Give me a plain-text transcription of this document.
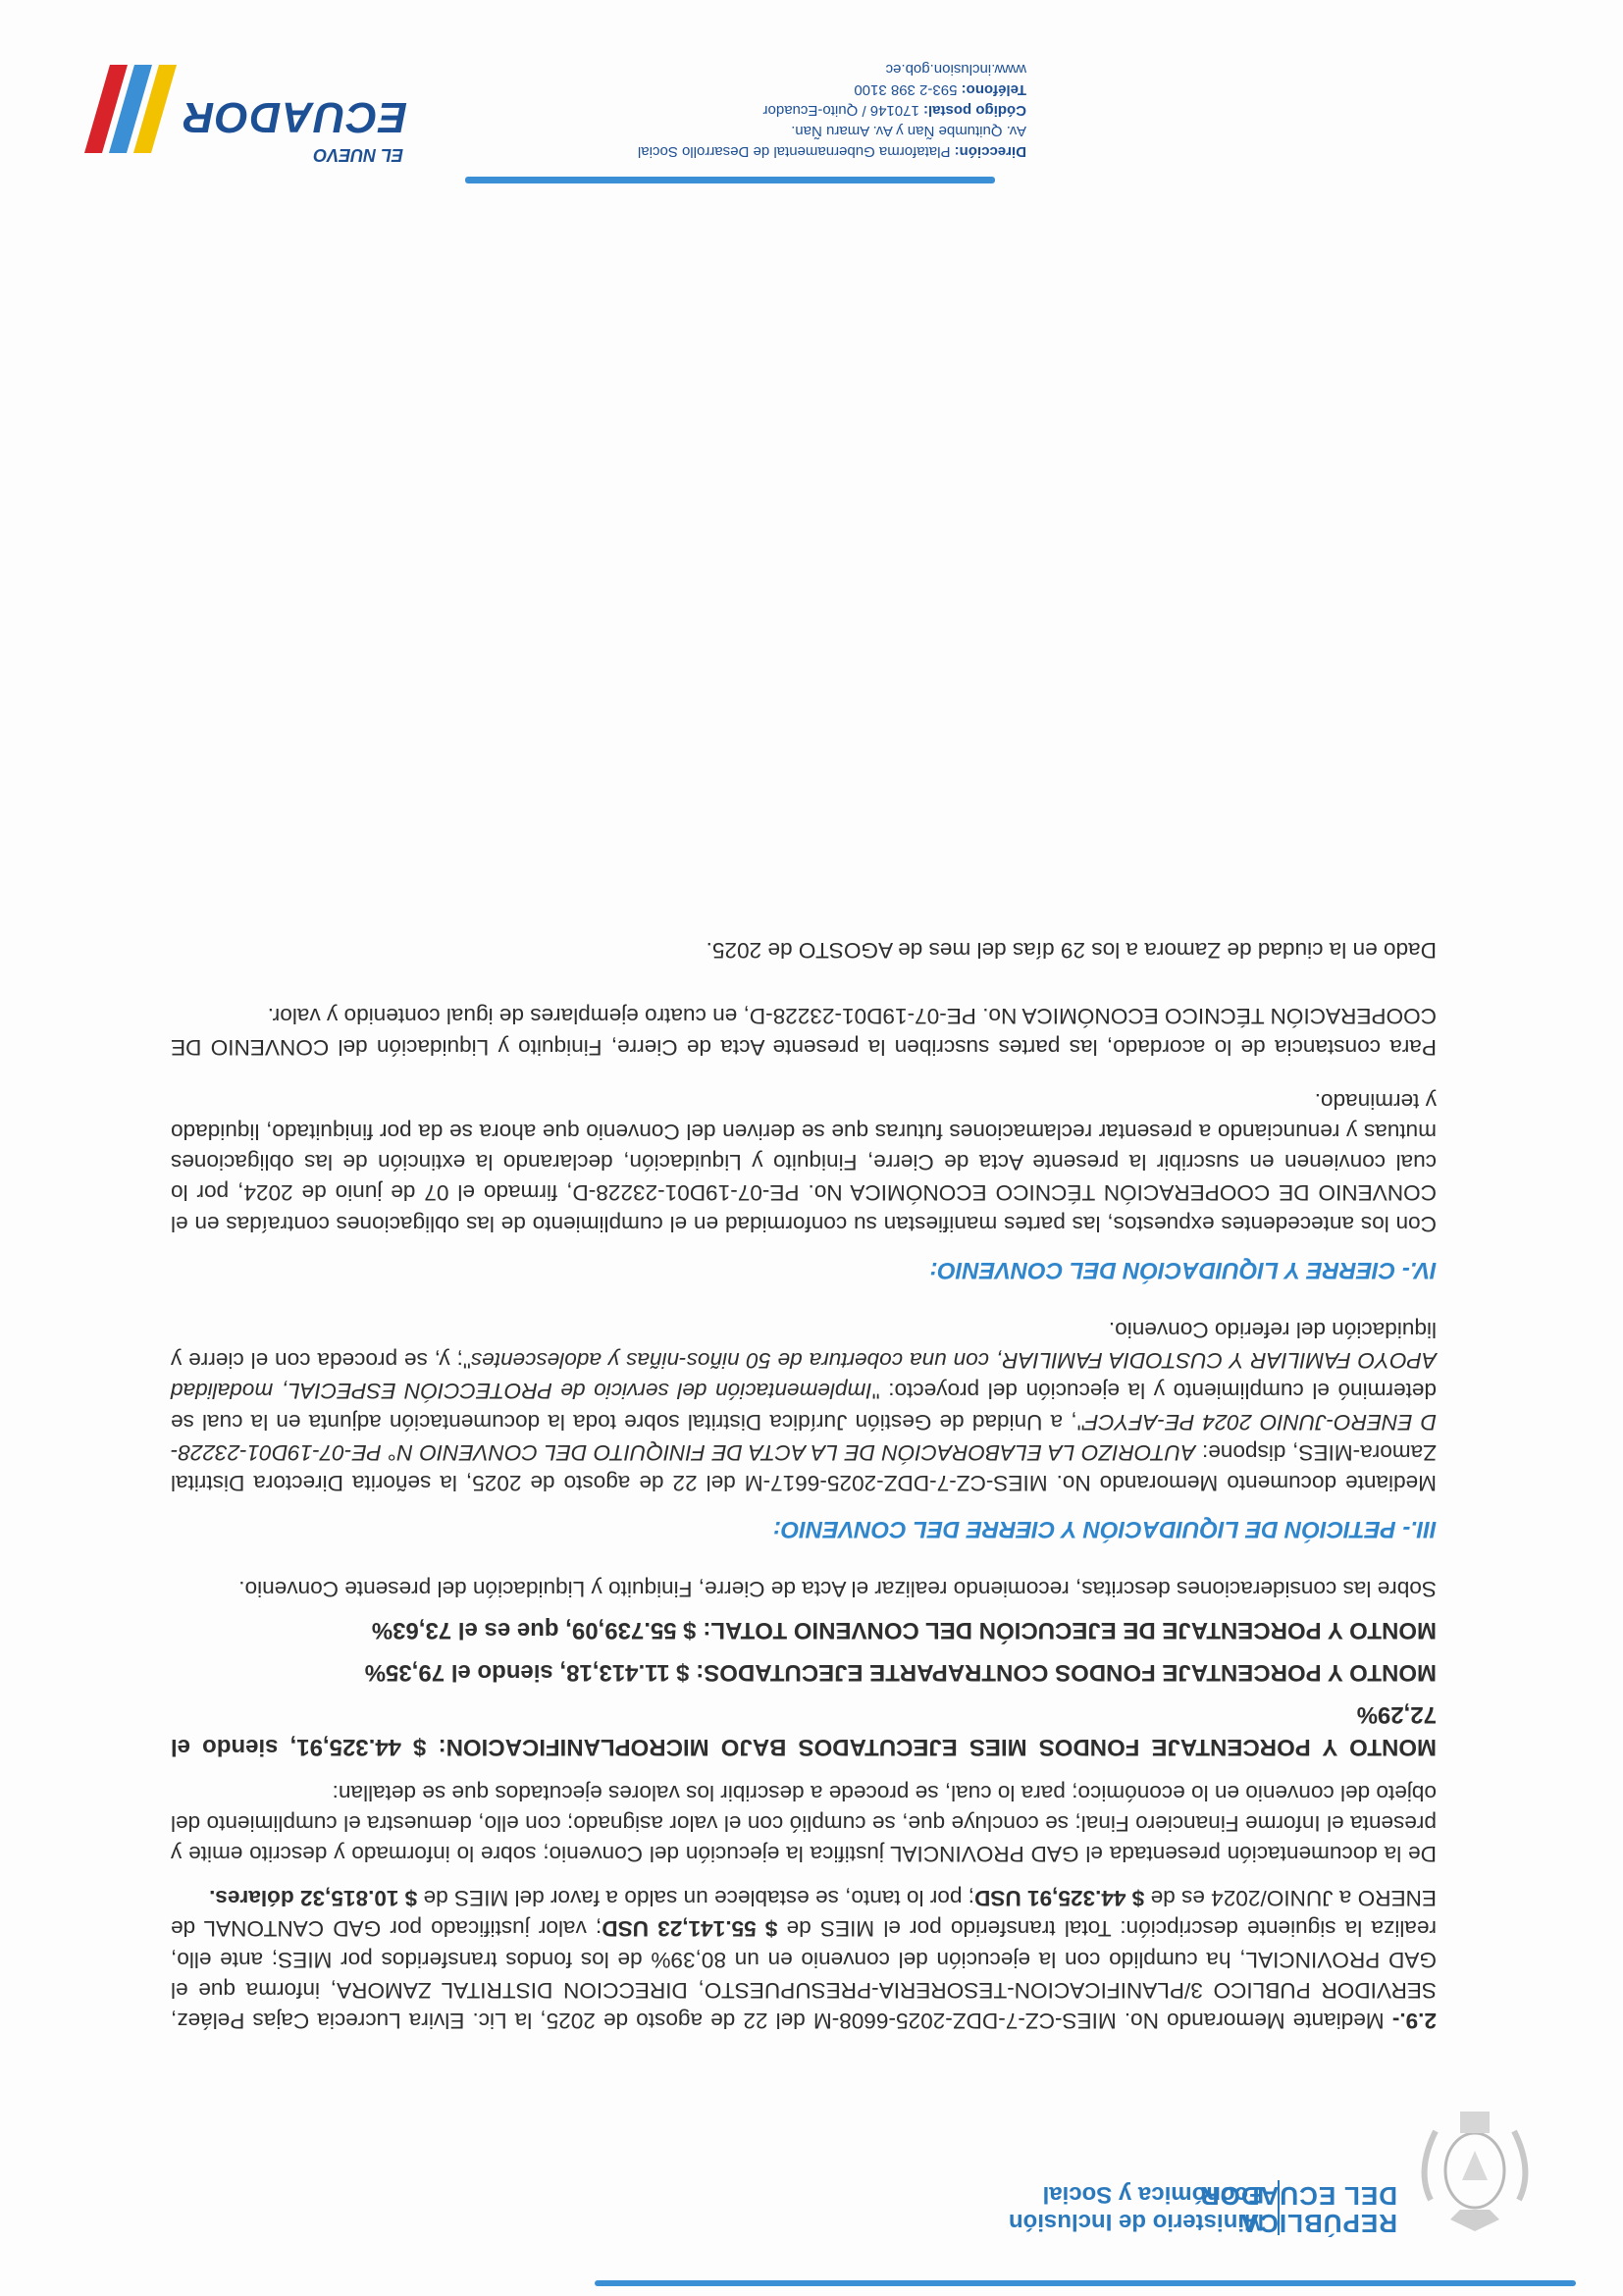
REPÚBLICA
DEL ECUADOR
Ministerio de Inclusión
Económica y Social

2.9.- Mediante Memorando No. MIES-CZ-7-DDZ-2025-6608-M del 22 de agosto de 2025, la Lic. Elvira Lucrecia Cajas Peláez, SERVIDOR PUBLICO 3/PLANIFICACION-TESORERIA-PRESUPUESTO, DIRECCION DISTRITAL ZAMORA, informa que el GAD PROVINCIAL, ha cumplido con la ejecución del convenio en un 80,39% de los fondos transferidos por MIES; ante ello, realiza la siguiente descripción: Total transferido por el MIES de $ 55.141,23 USD; valor justificado por GAD CANTONAL de ENERO a JUNIO/2024 es de $ 44.325,91 USD; por lo tanto, se establece un saldo a favor del MIES de $ 10.815,32 dólares.

De la documentación presentada el GAD PROVINCIAL justifica la ejecución del Convenio; sobre lo informado y descrito emite y presenta el Informe Financiero Final; se concluye que, se cumplió con el valor asignado; con ello, demuestra el cumplimiento del objeto del convenio en lo económico; para lo cual, se procede a describir los valores ejecutados que se detallan:

MONTO Y PORCENTAJE FONDOS MIES EJECUTADOS BAJO MICROPLANIFICACION: $ 44.325,91, siendo el 72,29%

MONTO Y PORCENTAJE FONDOS CONTRAPARTE EJECUTADOS: $ 11.413,18, siendo el 79,35%

MONTO Y PORCENTAJE DE EJECUCIÓN DEL CONVENIO TOTAL: $ 55.739,09, que es el 73,63%

Sobre las consideraciones descritas, recomiendo realizar el Acta de Cierre, Finiquito y Liquidación del presente Convenio.

III.- PETICIÓN DE LIQUIDACIÓN Y CIERRE DEL CONVENIO:

Mediante documento Memorando No. MIES-CZ-7-DDZ-2025-6617-M del 22 de agosto de 2025, la señorita Directora Distrital Zamora-MIES, dispone: AUTORIZO LA ELABORACIÓN DE LA ACTA DE FINIQUITO DEL CONVENIO N° PE-07-19D01-23228-D ENERO-JUNIO 2024 PE-AFYCF", a Unidad de Gestión Jurídica Distrital sobre toda la documentación adjunta en la cual se determinó el cumplimiento y la ejecución del proyecto: "Implementación del servicio de PROTECCIÓN ESPECIAL, modalidad APOYO FAMILIAR Y CUSTODIA FAMILIAR, con una cobertura de 50 niños-niñas y adolescentes"; y, se proceda con el cierre y liquidación del referido Convenio.

IV.- CIERRE Y LIQUIDACIÓN DEL CONVENIO:

Con los antecedentes expuestos, las partes manifiestan su conformidad en el cumplimiento de las obligaciones contraídas en el CONVENIO DE COOPERACIÓN TÉCNICO ECONÓMICA No. PE-07-19D01-23228-D, firmado el 07 de junio de 2024, por lo cual convienen en suscribir la presente Acta de Cierre, Finiquito y Liquidación, declarando la extinción de las obligaciones mutuas y renunciando a presentar reclamaciones futuras que se deriven del Convenio que ahora se da por finiquitado, liquidado y terminado.

Para constancia de lo acordado, las partes suscriben la presente Acta de Cierre, Finiquito y Liquidación del CONVENIO DE COOPERACIÓN TÉCNICO ECONÓMICA No. PE-07-19D01-23228-D, en cuatro ejemplares de igual contenido y valor.

Dado en la ciudad de Zamora a los 29 días del mes de AGOSTO de 2025.

Dirección: Plataforma Gubernamental de Desarrollo Social
Av. Quitumbe Ñan y Av. Amaru Ñan.
Código postal: 170146 / Quito-Ecuador
Teléfono: 593-2 398 3100
www.inclusion.gob.ec
EL NUEVO
ECUADOR
